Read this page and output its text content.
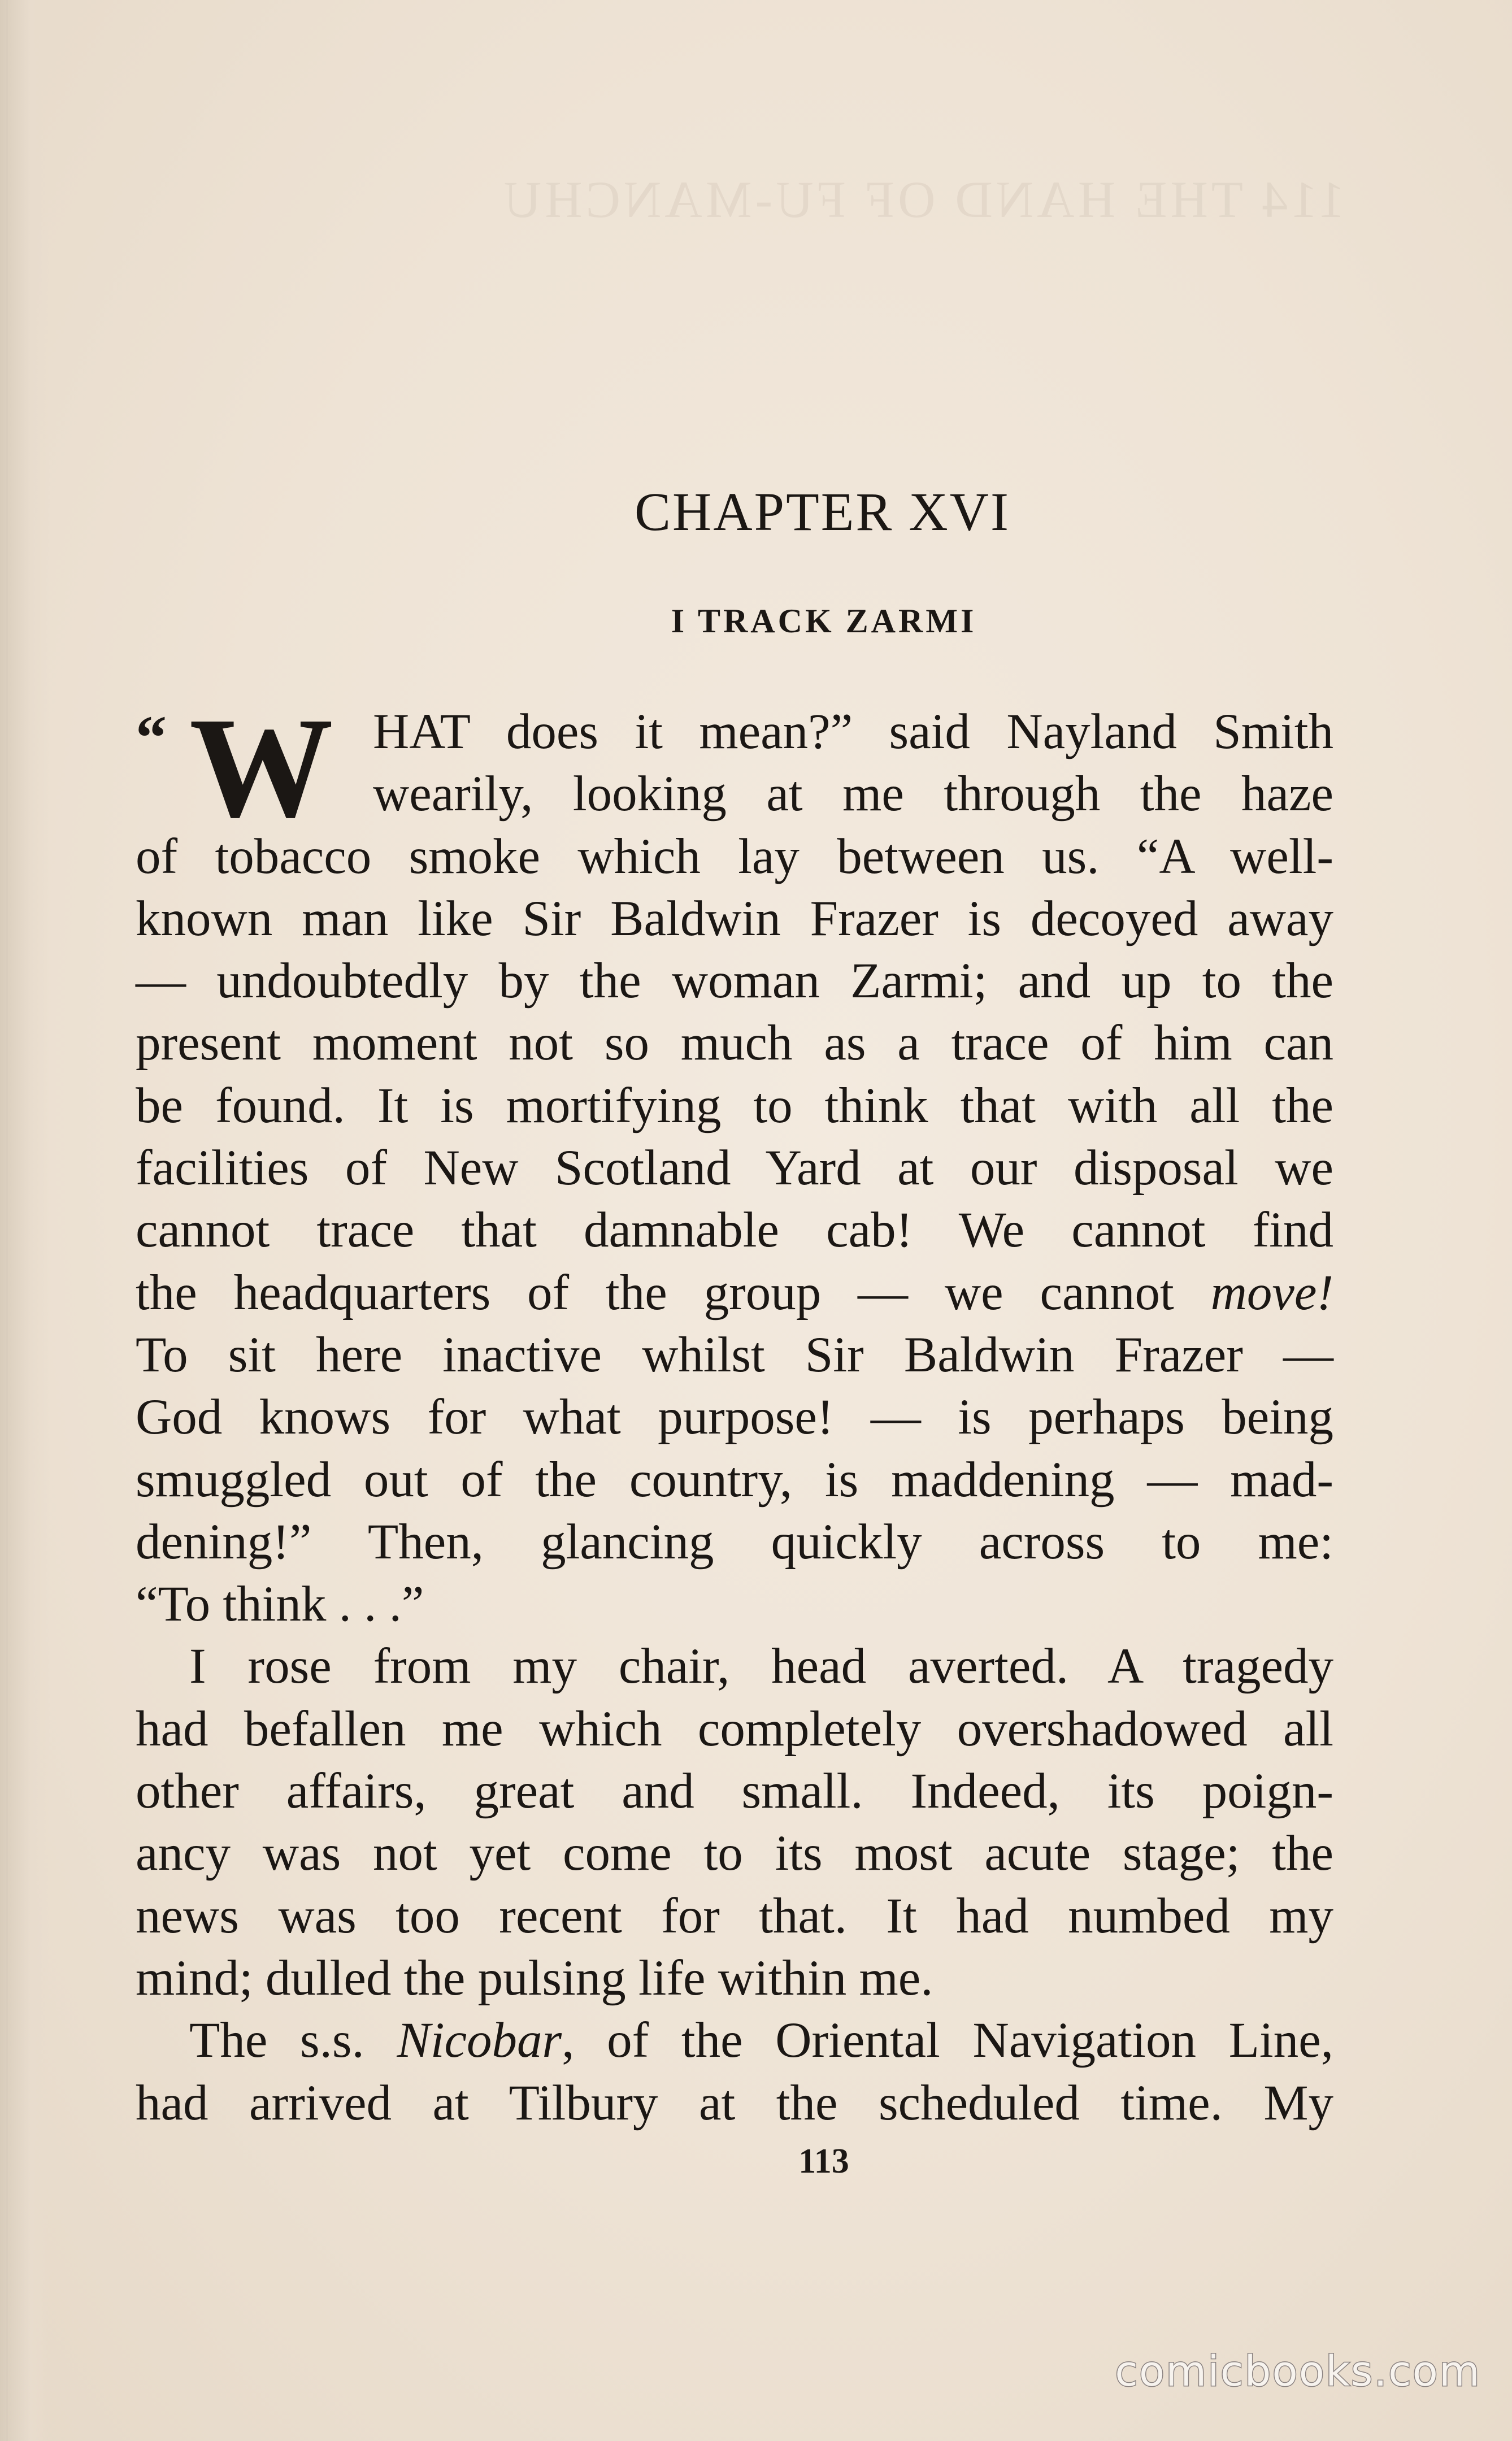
114 THE HAND OF FU-MANCHU
CHAPTER XVI
I TRACK ZARMI
“ W HAT does it mean?” said Nayland Smith
wearily, looking at me through the haze
of tobacco smoke which lay between us. “A well-
known man like Sir Baldwin Frazer is decoyed away
— undoubtedly by the woman Zarmi; and up to the
present moment not so much as a trace of him can
be found. It is mortifying to think that with all the
facilities of New Scotland Yard at our disposal we
cannot trace that damnable cab! We cannot find
the headquarters of the group — we cannot move!
To sit here inactive whilst Sir Baldwin Frazer —
God knows for what purpose! — is perhaps being
smuggled out of the country, is maddening — mad-
dening!” Then, glancing quickly across to me:
“To think . . .”
I rose from my chair, head averted. A tragedy
had befallen me which completely overshadowed all
other affairs, great and small. Indeed, its poign-
ancy was not yet come to its most acute stage; the
news was too recent for that. It had numbed my
mind; dulled the pulsing life within me.
The s.s. Nicobar, of the Oriental Navigation Line,
had arrived at Tilbury at the scheduled time. My
113
comicbooks.com
